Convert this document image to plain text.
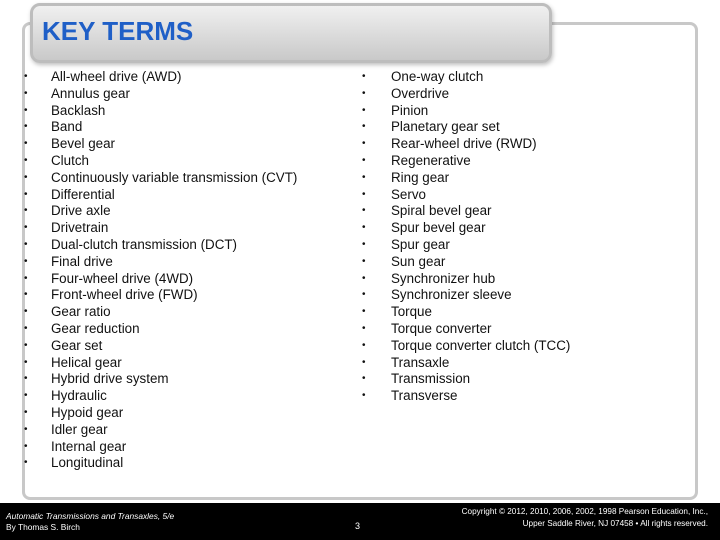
KEY TERMS
• All-wheel drive (AWD)
• Annulus gear
• Backlash
• Band
• Bevel gear
• Clutch
• Continuously variable transmission (CVT)
• Differential
• Drive axle
• Drivetrain
• Dual-clutch transmission (DCT)
• Final drive
• Four-wheel drive (4WD)
• Front-wheel drive (FWD)
• Gear ratio
• Gear reduction
• Gear set
• Helical gear
• Hybrid drive system
• Hydraulic
• Hypoid gear
• Idler gear
• Internal gear
• Longitudinal
• One-way clutch
• Overdrive
• Pinion
• Planetary gear set
• Rear-wheel drive (RWD)
• Regenerative
• Ring gear
• Servo
• Spiral bevel gear
• Spur bevel gear
• Spur gear
• Sun gear
• Synchronizer hub
• Synchronizer sleeve
• Torque
• Torque converter
• Torque converter clutch (TCC)
• Transaxle
• Transmission
• Transverse
Automatic Transmissions and Transaxles, 5/e
By Thomas S. Birch	3
Copyright © 2012, 2010, 2006, 2002, 1998 Pearson Education, Inc.,
Upper Saddle River, NJ 07458 • All rights reserved.
